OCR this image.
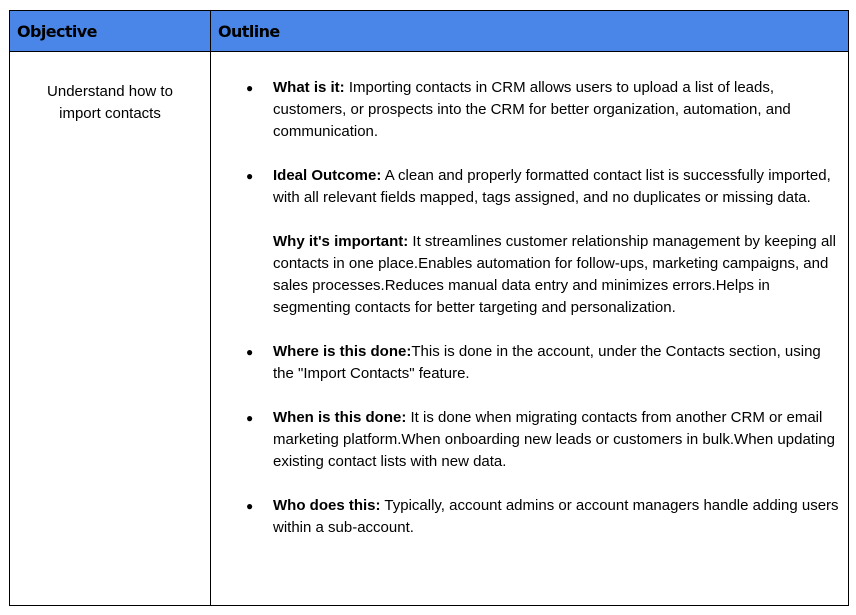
Objective	Outline
Understand how to
import contacts
● What is it: Importing contacts in CRM allows users to upload a list of leads, customers, or prospects into the CRM for better organization, automation, and communication.

● Ideal Outcome: A clean and properly formatted contact list is successfully imported, with all relevant fields mapped, tags assigned, and no duplicates or missing data.

Why it's important: It streamlines customer relationship management by keeping all contacts in one place.Enables automation for follow-ups, marketing campaigns, and sales processes.Reduces manual data entry and minimizes errors.Helps in segmenting contacts for better targeting and personalization.

● Where is this done:This is done in the account, under the Contacts section, using the "Import Contacts" feature.

● When is this done: It is done when migrating contacts from another CRM or email marketing platform.When onboarding new leads or customers in bulk.When updating existing contact lists with new data.

● Who does this: Typically, account admins or account managers handle adding users within a sub-account.
